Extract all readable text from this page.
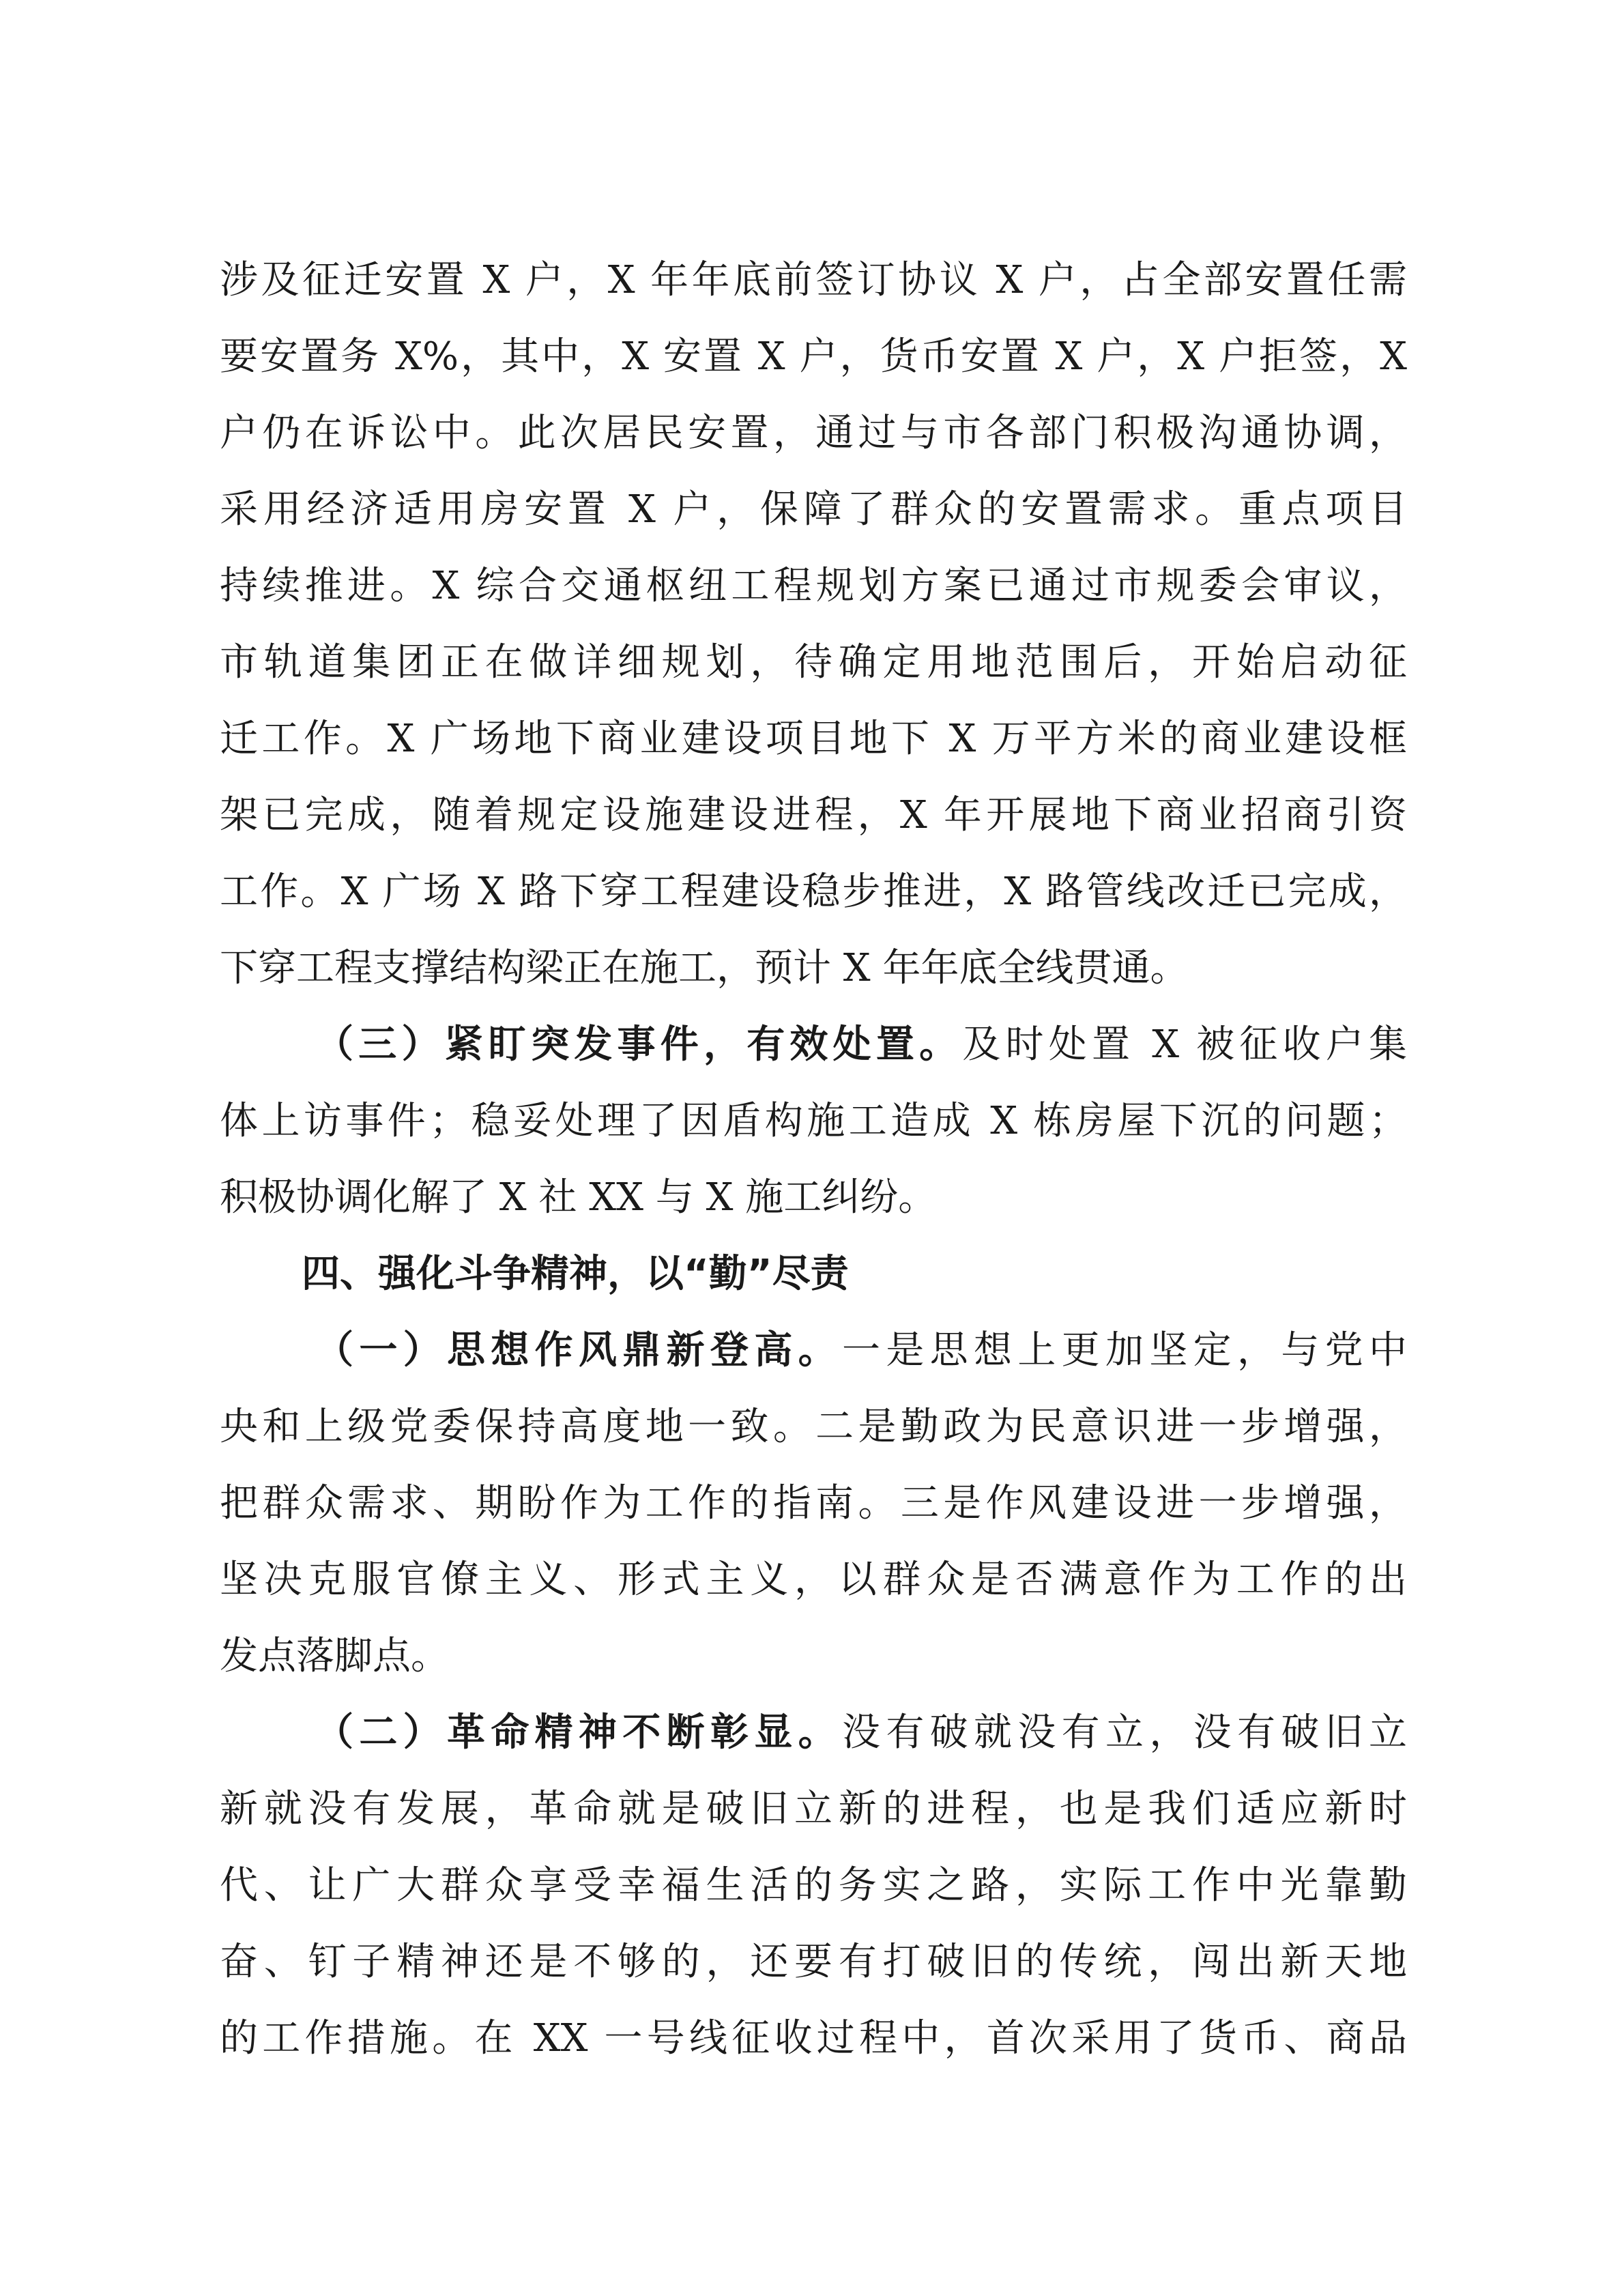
涉及征迁安置 X 户，X 年年底前签订协议 X 户，占全部安置任需
要安置务 X%，其中，X 安置 X 户，货币安置 X 户，X 户拒签，X
户仍在诉讼中。此次居民安置，通过与市各部门积极沟通协调，
采用经济适用房安置 X 户，保障了群众的安置需求。重点项目
持续推进。X 综合交通枢纽工程规划方案已通过市规委会审议，
市轨道集团正在做详细规划，待确定用地范围后，开始启动征
迁工作。X 广场地下商业建设项目地下 X 万平方米的商业建设框
架已完成，随着规定设施建设进程，X 年开展地下商业招商引资
工作。X 广场 X 路下穿工程建设稳步推进，X 路管线改迁已完成，
下穿工程支撑结构梁正在施工，预计 X 年年底全线贯通。
（三）紧盯突发事件，有效处置。及时处置 X 被征收户集
体上访事件；稳妥处理了因盾构施工造成 X 栋房屋下沉的问题；
积极协调化解了 X 社 XX 与 X 施工纠纷。
四、强化斗争精神，以“勤”尽责
（一）思想作风鼎新登高。一是思想上更加坚定，与党中
央和上级党委保持高度地一致。二是勤政为民意识进一步增强，
把群众需求、期盼作为工作的指南。三是作风建设进一步增强，
坚决克服官僚主义、形式主义，以群众是否满意作为工作的出
发点落脚点。
（二）革命精神不断彰显。没有破就没有立，没有破旧立
新就没有发展，革命就是破旧立新的进程，也是我们适应新时
代、让广大群众享受幸福生活的务实之路，实际工作中光靠勤
奋、钉子精神还是不够的，还要有打破旧的传统，闯出新天地
的工作措施。在 XX 一号线征收过程中，首次采用了货币、商品
